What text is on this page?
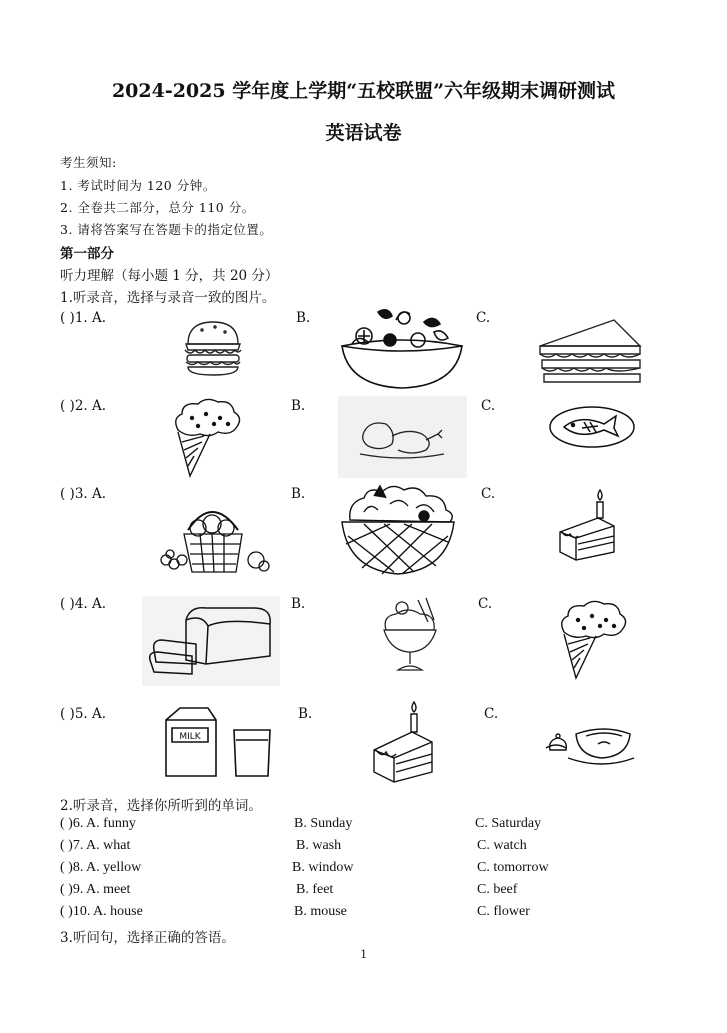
2024-2025 学年度上学期“五校联盟”六年级期末调研测试
英语试卷
考生须知:
1. 考试时间为 120 分钟。
2. 全卷共二部分，总分 110 分。
3. 请将答案写在答题卡的指定位置。
第一部分
听力理解（每小题 1 分，共 20 分）
1.听录音，选择与录音一致的图片。
( )1. A.	B.	C.
( )2. A.	B.	C.
( )3. A.	B.	C.
( )4. A.	B.	C.
( )5. A.	B.	C.
MILK
2.听录音，选择你所听到的单词。
( )6. A. funny	B. Sunday	C. Saturday
( )7. A. what	B. wash	C. watch
( )8. A. yellow	B. window	C. tomorrow
( )9. A. meet	B. feet	C. beef
( )10. A. house	B. mouse	C. flower
3.听问句，选择正确的答语。
1
